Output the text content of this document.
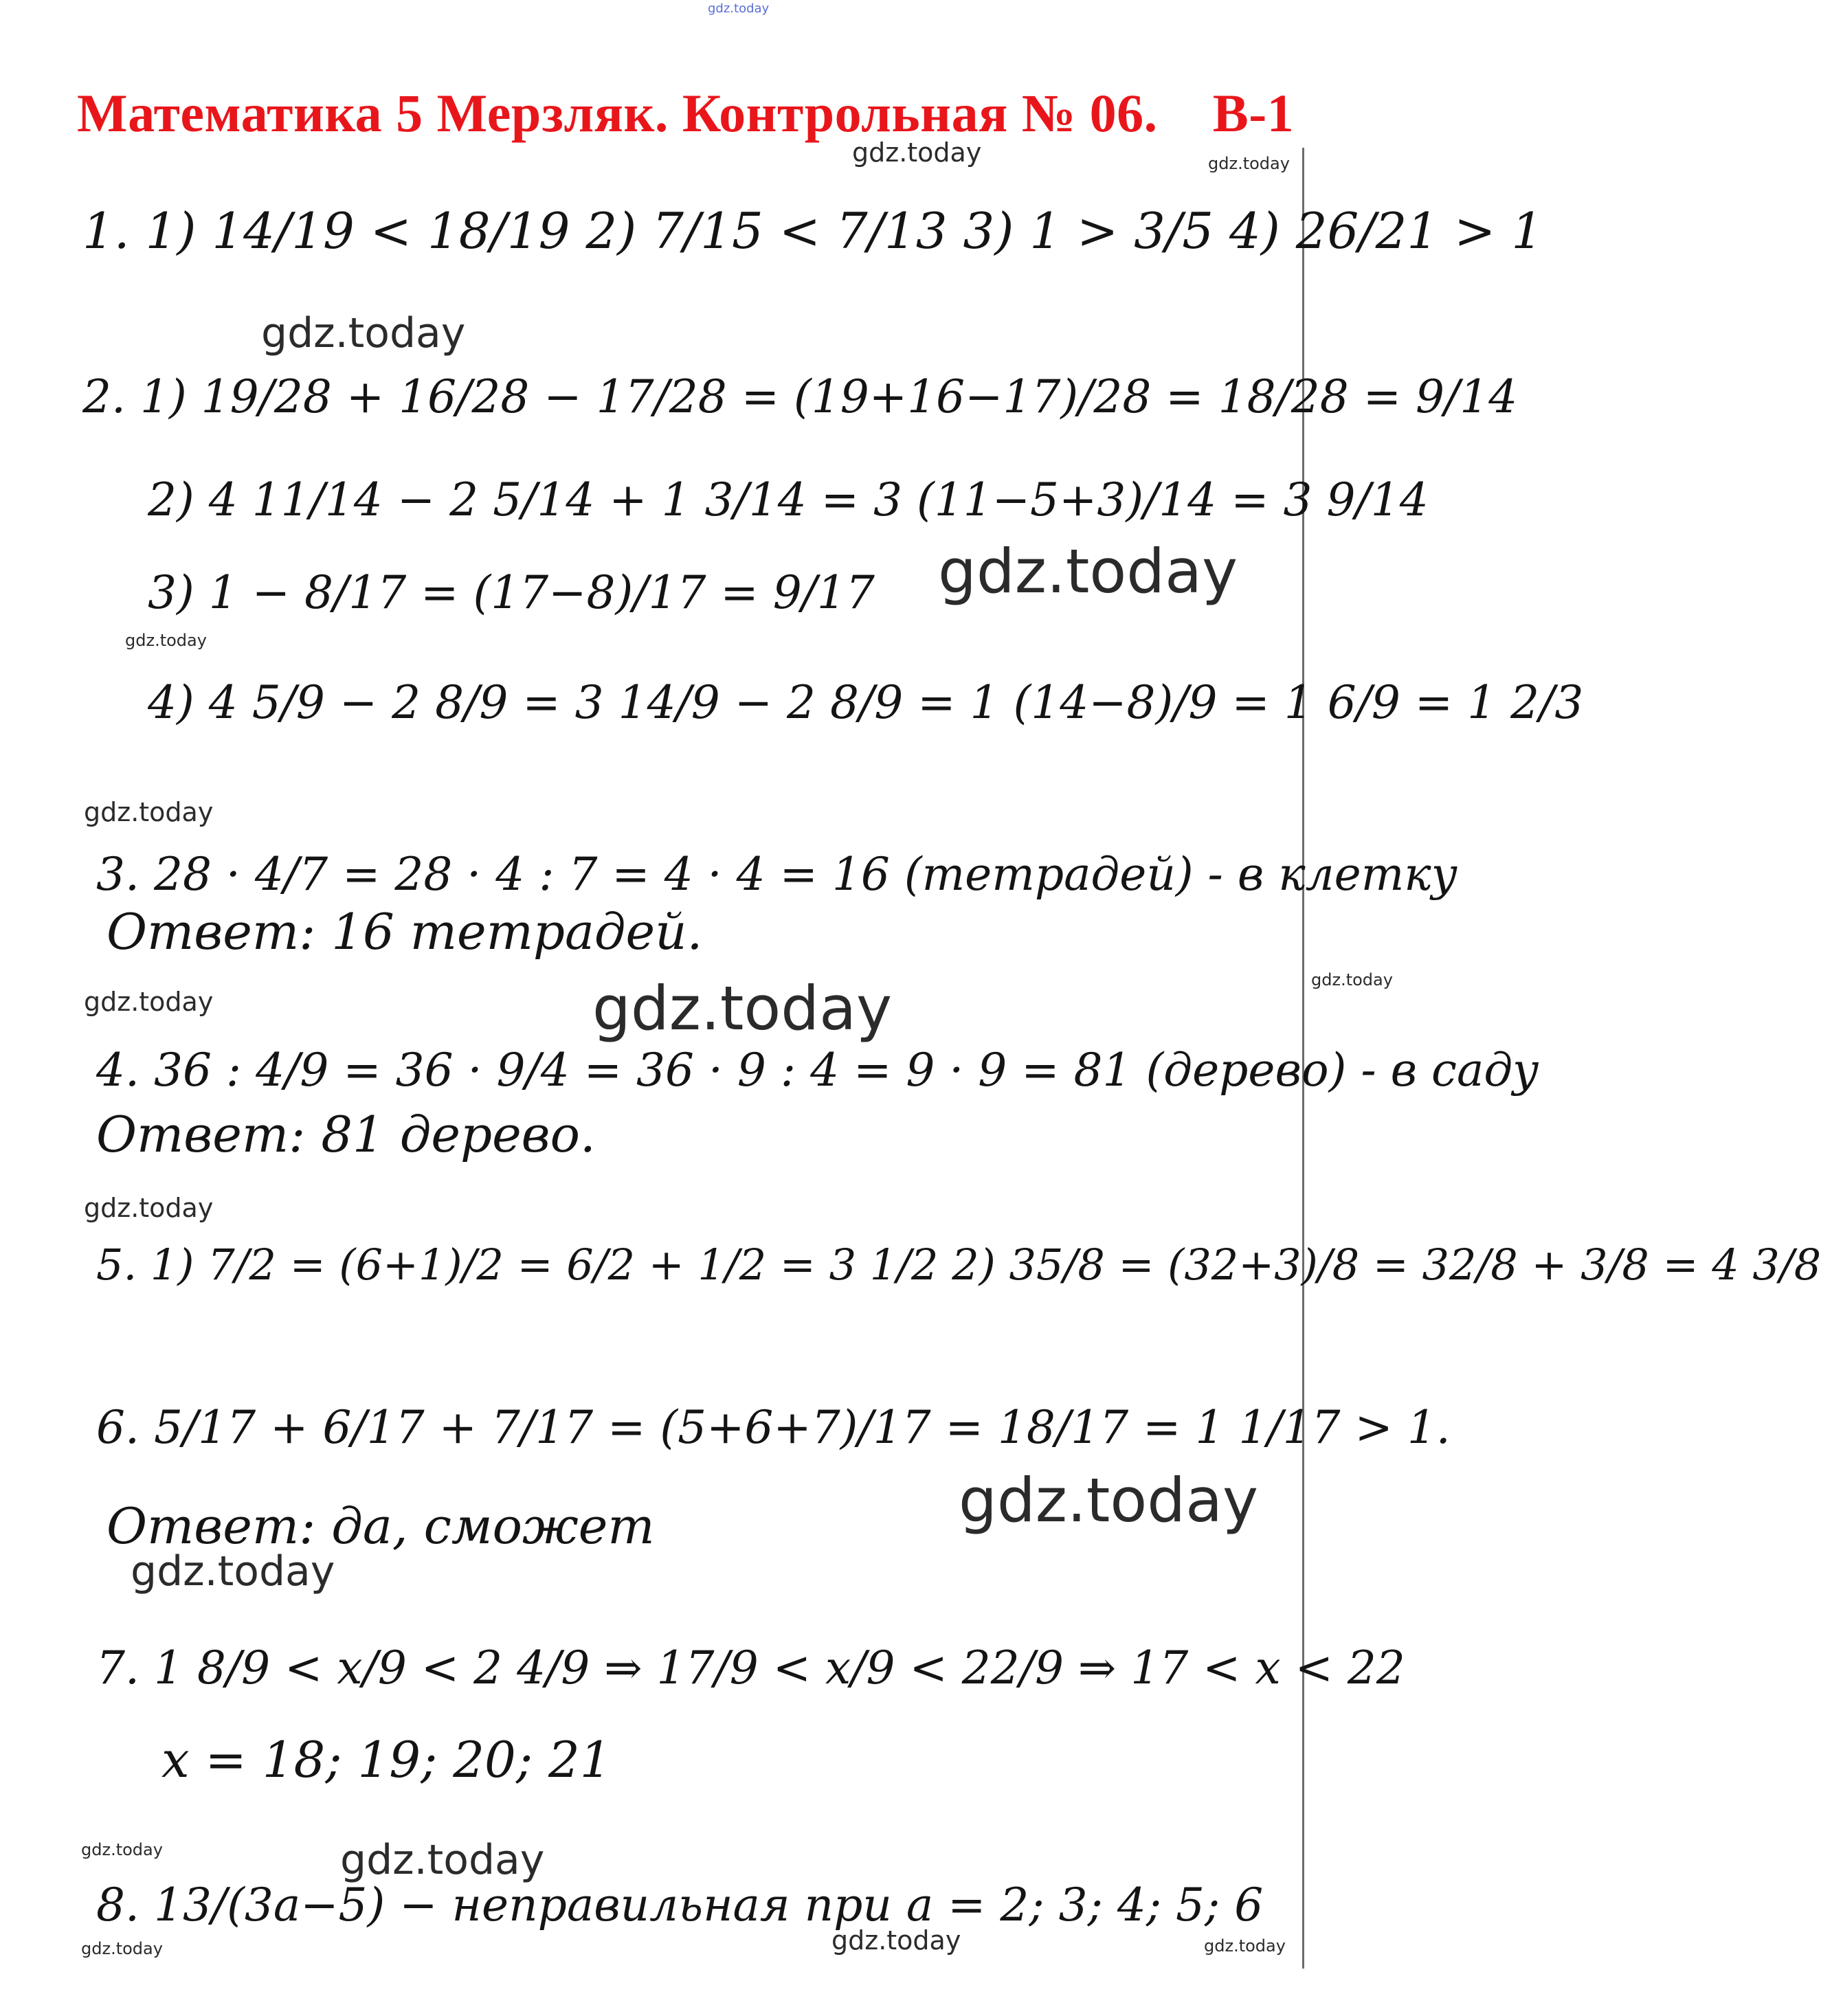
gdz.today
Математика 5 Мерзляк. Контрольная № 06. В-1
gdz.today	gdz.today
gdz.today
gdz.today
gdz.today
gdz.today
gdz.today
gdz.today	gdz.today
gdz.today
gdz.today
gdz.today
gdz.today	gdz.today
gdz.today
gdz.today	gdz.today
1. 1) 14/19 < 18/19 2) 7/15 < 7/13 3) 1 > 3/5 4) 26/21 > 1
2. 1) 19/28 + 16/28 − 17/28 = (19+16−17)/28 = 18/28 = 9/14
2) 4 11/14 − 2 5/14 + 1 3/14 = 3 (11−5+3)/14 = 3 9/14
3) 1 − 8/17 = (17−8)/17 = 9/17
4) 4 5/9 − 2 8/9 = 3 14/9 − 2 8/9 = 1 (14−8)/9 = 1 6/9 = 1 2/3
3. 28 · 4/7 = 28 · 4 : 7 = 4 · 4 = 16 (тетрадей) - в клетку
Ответ: 16 тетрадей.
4. 36 : 4/9 = 36 · 9/4 = 36 · 9 : 4 = 9 · 9 = 81 (дерево) - в саду
Ответ: 81 дерево.
5. 1) 7/2 = (6+1)/2 = 6/2 + 1/2 = 3 1/2 2) 35/8 = (32+3)/8 = 32/8 + 3/8 = 4 3/8
6. 5/17 + 6/17 + 7/17 = (5+6+7)/17 = 18/17 = 1 1/17 > 1.
Ответ: да, сможет
7. 1 8/9 < x/9 < 2 4/9 ⇒ 17/9 < x/9 < 22/9 ⇒ 17 < x < 22
x = 18; 19; 20; 21
8. 13/(3a−5) − неправильная при a = 2; 3; 4; 5; 6
